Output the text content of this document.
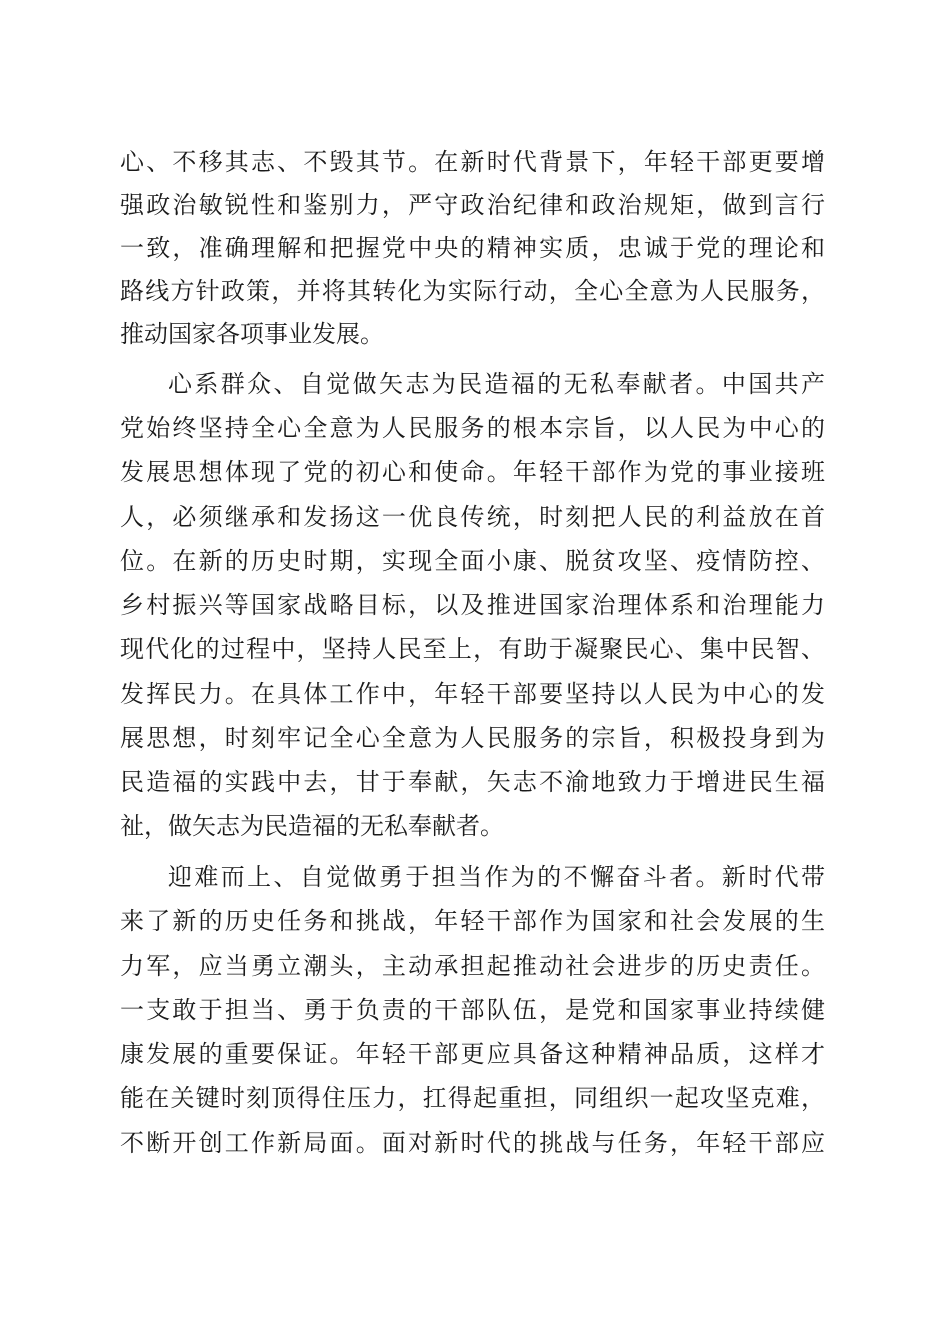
心、不移其志、不毁其节。在新时代背景下，年轻干部更要增
强政治敏锐性和鉴别力，严守政治纪律和政治规矩，做到言行
一致，准确理解和把握党中央的精神实质，忠诚于党的理论和
路线方针政策，并将其转化为实际行动，全心全意为人民服务，
推动国家各项事业发展。
心系群众、自觉做矢志为民造福的无私奉献者。中国共产
党始终坚持全心全意为人民服务的根本宗旨，以人民为中心的
发展思想体现了党的初心和使命。年轻干部作为党的事业接班
人，必须继承和发扬这一优良传统，时刻把人民的利益放在首
位。在新的历史时期，实现全面小康、脱贫攻坚、疫情防控、
乡村振兴等国家战略目标，以及推进国家治理体系和治理能力
现代化的过程中，坚持人民至上，有助于凝聚民心、集中民智、
发挥民力。在具体工作中，年轻干部要坚持以人民为中心的发
展思想，时刻牢记全心全意为人民服务的宗旨，积极投身到为
民造福的实践中去，甘于奉献，矢志不渝地致力于增进民生福
祉，做矢志为民造福的无私奉献者。
迎难而上、自觉做勇于担当作为的不懈奋斗者。新时代带
来了新的历史任务和挑战，年轻干部作为国家和社会发展的生
力军，应当勇立潮头，主动承担起推动社会进步的历史责任。
一支敢于担当、勇于负责的干部队伍，是党和国家事业持续健
康发展的重要保证。年轻干部更应具备这种精神品质，这样才
能在关键时刻顶得住压力，扛得起重担，同组织一起攻坚克难，
不断开创工作新局面。面对新时代的挑战与任务，年轻干部应
